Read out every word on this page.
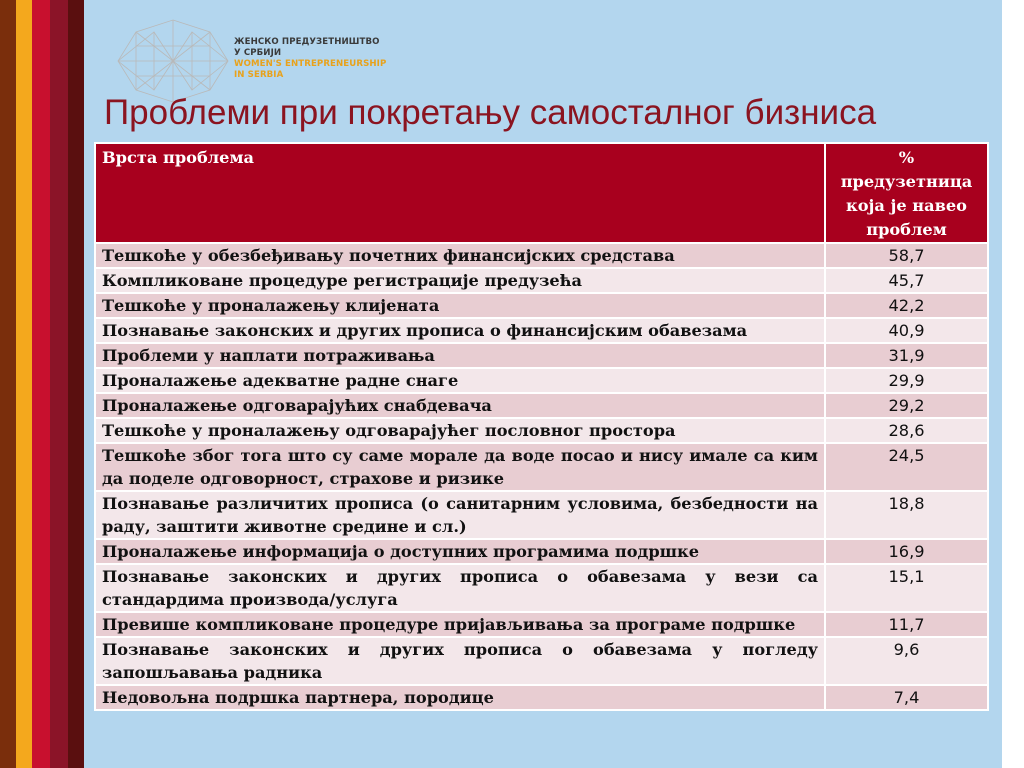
ЖЕНСКО ПРЕДУЗЕТНИШТВО
У СРБИЈИ
WOMEN'S ENTREPRENEURSHIP
IN SERBIA
Проблеми при покретању самосталног бизниса
Врста проблема	% предузетница која је навео проблем
Тешкоће у обезбеђивању почетних финансијских средстава	58,7
Компликоване процедуре регистрације предузећа	45,7
Тешкоће у проналажењу клијената	42,2
Познавање законских и других прописа о финансијским обавезама	40,9
Проблеми у наплати потраживања	31,9
Проналажење адекватне радне снаге	29,9
Проналажење одговарајућих снабдевача	29,2
Тешкоће у проналажењу одговарајућег пословног простора	28,6
Тешкоће због тога што су саме морале да воде посао и нису имале са ким да поделе одговорност, страхове и ризике	24,5
Познавање различитих прописа (о санитарним условима, безбедности на раду, заштити животне средине и сл.)	18,8
Проналажење информација о доступних програмима подршке	16,9
Познавање законских и других прописа о обавезама у вези са стандардима производа/услуга	15,1
Превише компликоване процедуре пријављивања за програме подршке	11,7
Познавање законских и других прописа о обавезама у погледу запошљавања радника	9,6
Недовољна подршка партнера, породице	7,4
